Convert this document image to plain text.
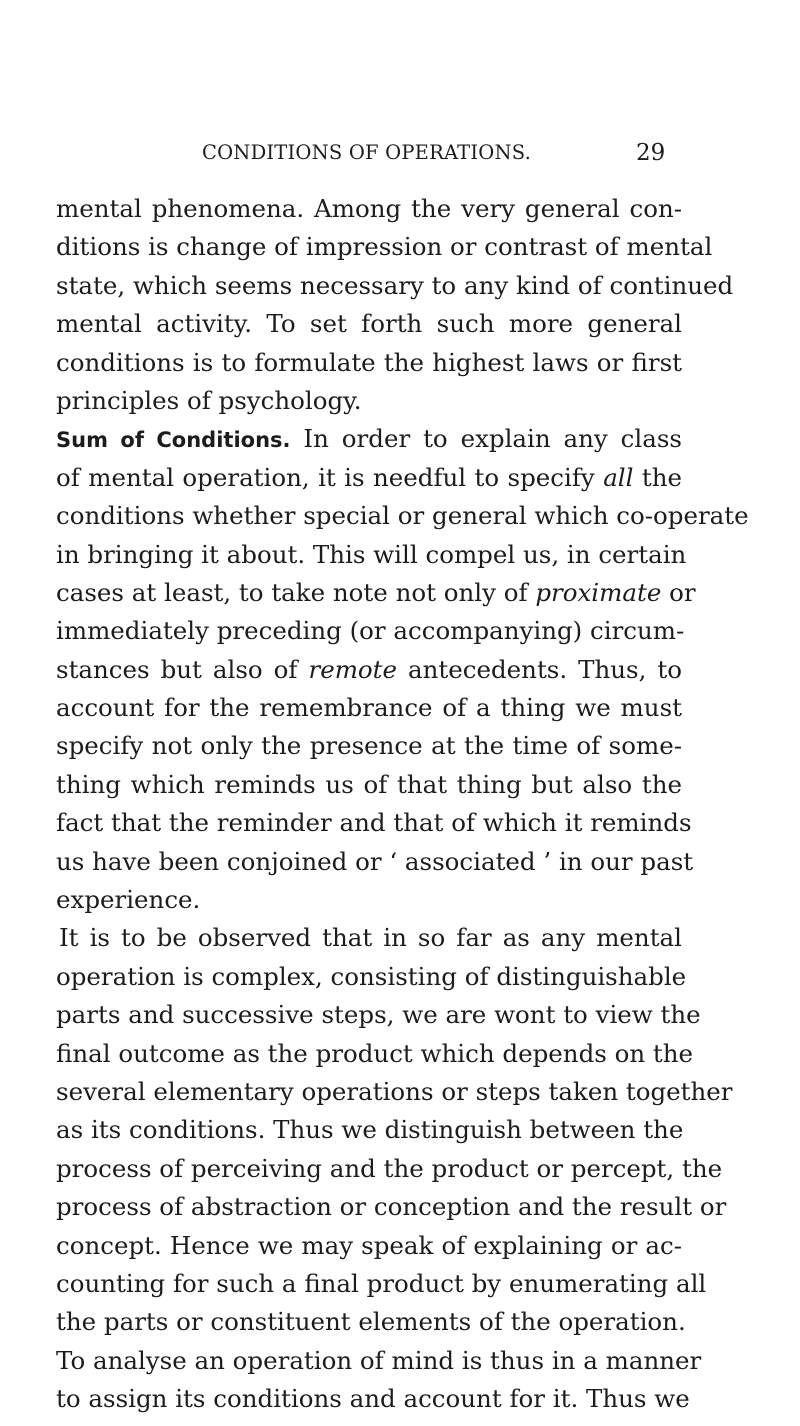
CONDITIONS OF OPERATIONS.	29
mental phenomena. Among the very general con-
ditions is change of impression or contrast of mental
state, which seems necessary to any kind of continued
mental activity. To set forth such more general
conditions is to formulate the highest laws or first
principles of psychology.
Sum of Conditions. In order to explain any class
of mental operation, it is needful to specify all the
conditions whether special or general which co-operate
in bringing it about. This will compel us, in certain
cases at least, to take note not only of proximate or
immediately preceding (or accompanying) circum-
stances but also of remote antecedents. Thus, to
account for the remembrance of a thing we must
specify not only the presence at the time of some-
thing which reminds us of that thing but also the
fact that the reminder and that of which it reminds
us have been conjoined or ‘ associated ’ in our past
experience.
It is to be observed that in so far as any mental
operation is complex, consisting of distinguishable
parts and successive steps, we are wont to view the
final outcome as the product which depends on the
several elementary operations or steps taken together
as its conditions. Thus we distinguish between the
process of perceiving and the product or percept, the
process of abstraction or conception and the result or
concept. Hence we may speak of explaining or ac-
counting for such a final product by enumerating all
the parts or constituent elements of the operation.
To analyse an operation of mind is thus in a manner
to assign its conditions and account for it. Thus we
